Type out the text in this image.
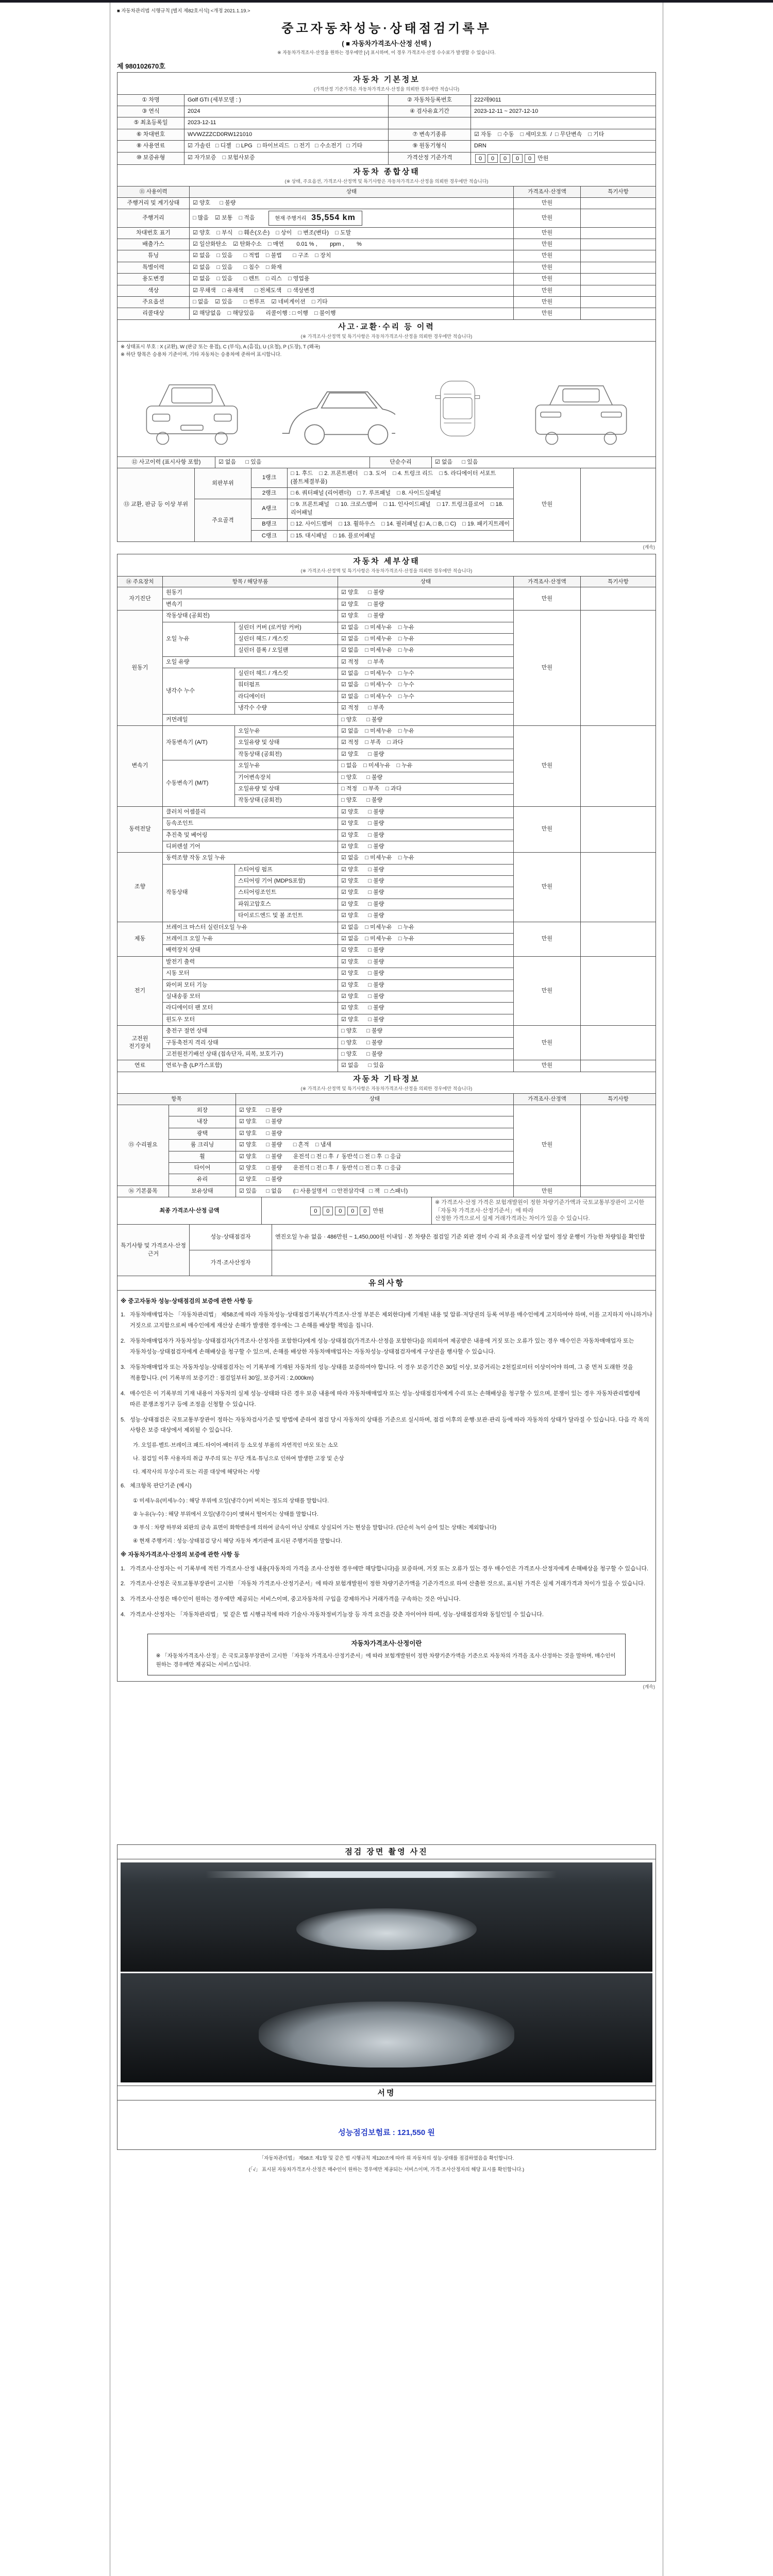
■ 자동차관리법 시행규칙 [별지 제82호서식] <개정 2021.1.19.>
중고자동차성능·상태점검기록부
( ■ 자동차가격조사·산정 선택 )
※ 자동차가격조사·산정을 원하는 경우에만 [√] 표시하며, 이 경우 가격조사·산정 수수료가 발생할 수 있습니다.
제 980102670호
자동차 기본정보
(가격산정 기준가격은 자동차가격조사·산정을 의뢰한 경우에만 적습니다)			

① 차명	Golf GTI (세부모델 : )	② 자동차등록번호	222레9011
③ 연식	2024	④ 검사유효기간	2023-12-11 ~ 2027-12-10
⑤ 최초등록일	2023-12-11		
⑥ 차대번호	WVWZZZCD0RW121010	⑦ 변속기종류	☑ 자동    □ 수동    □ 세미오토  /  □ 무단변속    □ 기타
⑧ 사용연료	☑ 가솔린   □ 디젤   □ LPG   □ 하이브리드   □ 전기   □ 수소전기   □ 기타	⑨ 원동기형식	DRN
⑩ 보증유형	☑ 자가보증    □ 보험사보증	가격산정 기준가격	0 0 0 0 0 만원
자동차 종합상태
(※ 상태, 주요옵션, 가격조사·산정액 및 특기사항은 자동차가격조사·산정을 의뢰한 경우에만 적습니다)			

⑪ 사용이력	상태	가격조사·산정액	특기사항
주행거리 및 계기상태	☑ 양호      □ 불량	만원	
주행거리	□ 많음    ☑ 보통    □ 적음 현재 주행거리 35,554 km	만원	
차대번호 표기	☑ 양호    □ 부식    □ 훼손(오손)    □ 상이    □ 변조(변타)    □ 도말	만원	
배출가스	☑ 일산화탄소    ☑ 탄화수소    □ 매연        0.01 % ,        ppm ,        %	만원	
튜닝	☑ 없음    □ 있음       □ 적법    □ 불법       □ 구조    □ 장치	만원	
특별이력	☑ 없음    □ 있음       □ 침수    □ 화재	만원	
용도변경	☑ 없음    □ 있음       □ 렌트    □ 리스    □ 영업용	만원	
색상	☑ 무채색    □ 유채색       □ 전체도색    □ 색상변경	만원	
주요옵션	□ 없음    ☑ 있음       □ 썬루프    ☑ 네비게이션    □ 기타	만원	
리콜대상	☑ 해당없음    □ 해당있음       리콜이행 : □ 이행    □ 불이행	만원	
사고·교환·수리 등 이력
(※ 가격조사·산정액 및 특기사항은 자동차가격조사·산정을 의뢰한 경우에만 적습니다)

※ 상태표시 부호 : X (교환), W (판금 또는 용접), C (부식), A (흠집), U (요철), P (도장), T (왜곡)
※ 하단 항목은 승용차 기준이며, 기타 자동차는 승용차에 준하여 표시합니다.

⑫ 사고이력 (표시사항 포함)	☑ 없음      □ 있음	단순수리	☑ 없음      □ 있음
⑬ 교환, 판금 등 이상 부위	외판부위	1랭크	□ 1. 후드    □ 2. 프론트펜더    □ 3. 도어    □ 4. 트렁크 리드    □ 5. 라디에이터 서포트 (볼트체결부품)	만원	
		2랭크	□ 6. 쿼터패널 (리어펜더)    □ 7. 루프패널    □ 8. 사이드실패널		
	주요골격	A랭크	□ 9. 프론트패널    □ 10. 크로스멤버    □ 11. 인사이드패널    □ 17. 트렁크플로어    □ 18. 리어패널		
		B랭크	□ 12. 사이드멤버    □ 13. 휠하우스    □ 14. 필러패널 (□ A, □ B, □ C)    □ 19. 패키지트레이		
		C랭크	□ 15. 대시패널    □ 16. 플로어패널		
(계속)
자동차 세부상태
(※ 가격조사·산정액 및 특기사항은 자동차가격조사·산정을 의뢰한 경우에만 적습니다)					

⑭ 주요장치	항목 / 해당부품		상태	가격조사·산정액	특기사항
자기진단	원동기		☑ 양호      □ 불량	만원	
	변속기		☑ 양호      □ 불량		
원동기	작동상태 (공회전)		☑ 양호      □ 불량	만원	
	오일 누유	실린더 커버 (로커암 커버)	☑ 없음    □ 미세누유    □ 누유		
		실린더 헤드 / 개스킷	☑ 없음    □ 미세누유    □ 누유		
		실린더 블록 / 오일팬	☑ 없음    □ 미세누유    □ 누유		
	오일 유량		☑ 적정      □ 부족		
	냉각수 누수	실린더 헤드 / 개스킷	☑ 없음    □ 미세누수    □ 누수		
		워터펌프	☑ 없음    □ 미세누수    □ 누수		
		라디에이터	☑ 없음    □ 미세누수    □ 누수		
		냉각수 수량	☑ 적정      □ 부족		
	커먼레일		□ 양호      □ 불량		
변속기	자동변속기 (A/T)	오일누유	☑ 없음    □ 미세누유    □ 누유	만원	
		오일유량 및 상태	☑ 적정    □ 부족    □ 과다		
		작동상태 (공회전)	☑ 양호      □ 불량		
	수동변속기 (M/T)	오일누유	□ 없음    □ 미세누유    □ 누유		
		기어변속장치	□ 양호      □ 불량		
		오일유량 및 상태	□ 적정    □ 부족    □ 과다		
		작동상태 (공회전)	□ 양호      □ 불량		
동력전달	클러치 어셈블리		☑ 양호      □ 불량	만원	
	등속조인트		☑ 양호      □ 불량		
	추진축 및 베어링		☑ 양호      □ 불량		
	디퍼렌셜 기어		☑ 양호      □ 불량		
조향	동력조향 작동 오일 누유		☑ 없음    □ 미세누유    □ 누유	만원	
	작동상태	스티어링 펌프	☑ 양호      □ 불량		
		스티어링 기어 (MDPS포함)	☑ 양호      □ 불량		
		스티어링조인트	☑ 양호      □ 불량		
		파워고압호스	☑ 양호      □ 불량		
		타이로드엔드 및 볼 조인트	☑ 양호      □ 불량		
제동	브레이크 마스터 실린더오일 누유		☑ 없음    □ 미세누유    □ 누유	만원	
	브레이크 오일 누유		☑ 없음    □ 미세누유    □ 누유		
	배력장치 상태		☑ 양호      □ 불량		
전기	발전기 출력		☑ 양호      □ 불량	만원	
	시동 모터		☑ 양호      □ 불량		
	와이퍼 모터 기능		☑ 양호      □ 불량		
	실내송풍 모터		☑ 양호      □ 불량		
	라디에이터 팬 모터		☑ 양호      □ 불량		
	윈도우 모터		☑ 양호      □ 불량		
고전원 전기장치	충전구 절연 상태		□ 양호      □ 불량	만원	
	구동축전지 격리 상태		□ 양호      □ 불량		
	고전원전기배선 상태 (접속단자, 피복, 보호기구)		□ 양호      □ 불량		
연료	연료누출 (LP가스포함)		☑ 없음      □ 있음	만원	
자동차 기타정보
(※ 가격조사·산정액 및 특기사항은 자동차가격조사·산정을 의뢰한 경우에만 적습니다)				

항목		상태	가격조사·산정액	특기사항
⑮ 수리필요	외장	☑ 양호      □ 불량	만원	
	내장	☑ 양호      □ 불량		
	광택	☑ 양호      □ 불량		
	룸 크리닝	☑ 양호      □ 불량       □ 흔적    □ 냄새		
	휠	☑ 양호      □ 불량       운전석 □ 전 □ 후  /  동반석 □ 전 □ 후  □ 응급		
	타이어	☑ 양호      □ 불량       운전석 □ 전 □ 후  /  동반석 □ 전 □ 후  □ 응급		
	유리	☑ 양호      □ 불량		
⑯ 기본품목	보유상태	☑ 있음      □ 없음       (□ 사용설명서   □ 안전삼각대   □ 잭   □ 스패너)	만원	
최종 가격조사·산정 금액	0 0 0 0 0 만원	※ 가격조사·산정 가격은 보험개발원이 정한 차량기준가액과 국토교통부장관이 고시한 「자동차 가격조사·산정기준서」에 따라
산정한 가격으로서 실제 거래가격과는 차이가 있을 수 있습니다.
특기사항 및 가격조사·산정 근거	성능·상태점검자	엔진오일 누유 없음 · 486만원 ~ 1,450,000원 이내임 · 본 차량은 점검일 기준 외판 경미 수리 외 주요골격 이상 없이 정상 운행이 가능한 차량임을 확인함
	가격·조사산정자	
유의사항

※ 중고자동차 성능·상태점검의 보증에 관한 사항 등
1. 자동차매매업자는 「자동차관리법」 제58조에 따라 자동차성능·상태점검기록부(가격조사·산정 부분은 제외한다)에 기재된 내용 및 압류·저당권의 등록 여부를 매수인에게 고지하여야 하며, 이를 고지하지 아니하거나 거짓으로 고지함으로써 매수인에게 재산상 손해가 발생한 경우에는 그 손해를 배상할 책임을 집니다.
2. 자동차매매업자가 자동차성능·상태점검자(가격조사·산정자를 포함한다)에게 성능·상태점검(가격조사·산정을 포함한다)을 의뢰하여 제공받은 내용에 거짓 또는 오류가 있는 경우 매수인은 자동차매매업자 또는 자동차성능·상태점검자에게 손해배상을 청구할 수 있으며, 손해를 배상한 자동차매매업자는 자동차성능·상태점검자에게 구상권을 행사할 수 있습니다.
3. 자동차매매업자 또는 자동차성능·상태점검자는 이 기록부에 기재된 자동차의 성능·상태를 보증하여야 합니다. 이 경우 보증기간은 30일 이상, 보증거리는 2천킬로미터 이상이어야 하며, 그 중 먼저 도래한 것을 적용합니다. (이 기록부의 보증기간 : 점검일부터 30일, 보증거리 : 2,000km)
4. 매수인은 이 기록부의 기재 내용이 자동차의 실제 성능·상태와 다른 경우 보증 내용에 따라 자동차매매업자 또는 성능·상태점검자에게 수리 또는 손해배상을 청구할 수 있으며, 분쟁이 있는 경우 자동차관리법령에 따른 분쟁조정기구 등에 조정을 신청할 수 있습니다.
5. 성능·상태점검은 국토교통부장관이 정하는 자동차검사기준 및 방법에 준하여 점검 당시 자동차의 상태를 기준으로 실시하며, 점검 이후의 운행·보관·관리 등에 따라 자동차의 상태가 달라질 수 있습니다. 다음 각 목의 사항은 보증 대상에서 제외될 수 있습니다.
가. 오일류·벨트·브레이크 패드·타이어·배터리 등 소모성 부품의 자연적인 마모 또는 소모
나. 점검일 이후 사용자의 취급 부주의 또는 무단 개조·튜닝으로 인하여 발생한 고장 및 손상
다. 제작사의 무상수리 또는 리콜 대상에 해당하는 사항
6. 체크항목 판단기준 (예시)
① 미세누유(미세누수) : 해당 부위에 오일(냉각수)이 비치는 정도의 상태를 말합니다.
② 누유(누수) : 해당 부위에서 오일(냉각수)이 맺혀서 떨어지는 상태를 말합니다.
③ 부식 : 차량 하부와 외판의 금속 표면이 화학반응에 의하여 금속이 아닌 상태로 상실되어 가는 현상을 말합니다. (단순히 녹이 슬어 있는 상태는 제외합니다)
④ 현재 주행거리 : 성능·상태점검 당시 해당 자동차 계기판에 표시된 주행거리를 말합니다.
※ 자동차가격조사·산정의 보증에 관한 사항 등
1. 가격조사·산정자는 이 기록부에 적힌 가격조사·산정 내용(자동차의 가격을 조사·산정한 경우에만 해당합니다)을 보증하며, 거짓 또는 오류가 있는 경우 매수인은 가격조사·산정자에게 손해배상을 청구할 수 있습니다.
2. 가격조사·산정은 국토교통부장관이 고시한 「자동차 가격조사·산정기준서」에 따라 보험개발원이 정한 차량기준가액을 기준가격으로 하여 산출한 것으로, 표시된 가격은 실제 거래가격과 차이가 있을 수 있습니다.
3. 가격조사·산정은 매수인이 원하는 경우에만 제공되는 서비스이며, 중고자동차의 구입을 강제하거나 거래가격을 구속하는 것은 아닙니다.
4. 가격조사·산정자는 「자동차관리법」 및 같은 법 시행규칙에 따라 기술사·자동차정비기능장 등 자격 요건을 갖춘 자이어야 하며, 성능·상태점검자와 동일인일 수 있습니다.
자동차가격조사·산정이란
※ 「자동차가격조사·산정」은 국토교통부장관이 고시한 「자동차 가격조사·산정기준서」에 따라 보험개발원이 정한 차량기준가액을 기준으로 자동차의 가격을 조사·산정하는 것을 말하며, 매수인이 원하는 경우에만 제공되는 서비스입니다.
(계속)
점검 장면 촬영 사진

서명

성능점검보험료 : 121,550 원
「자동차관리법」 제58조 제1항 및 같은 법 시행규칙 제120조에 따라 위 자동차의 성능·상태를 점검하였음을 확인합니다.
(「√」 표시된 자동차가격조사·산정은 매수인이 원하는 경우에만 제공되는 서비스이며, 가격·조사산정자의 해당 표시를 확인합니다.)
